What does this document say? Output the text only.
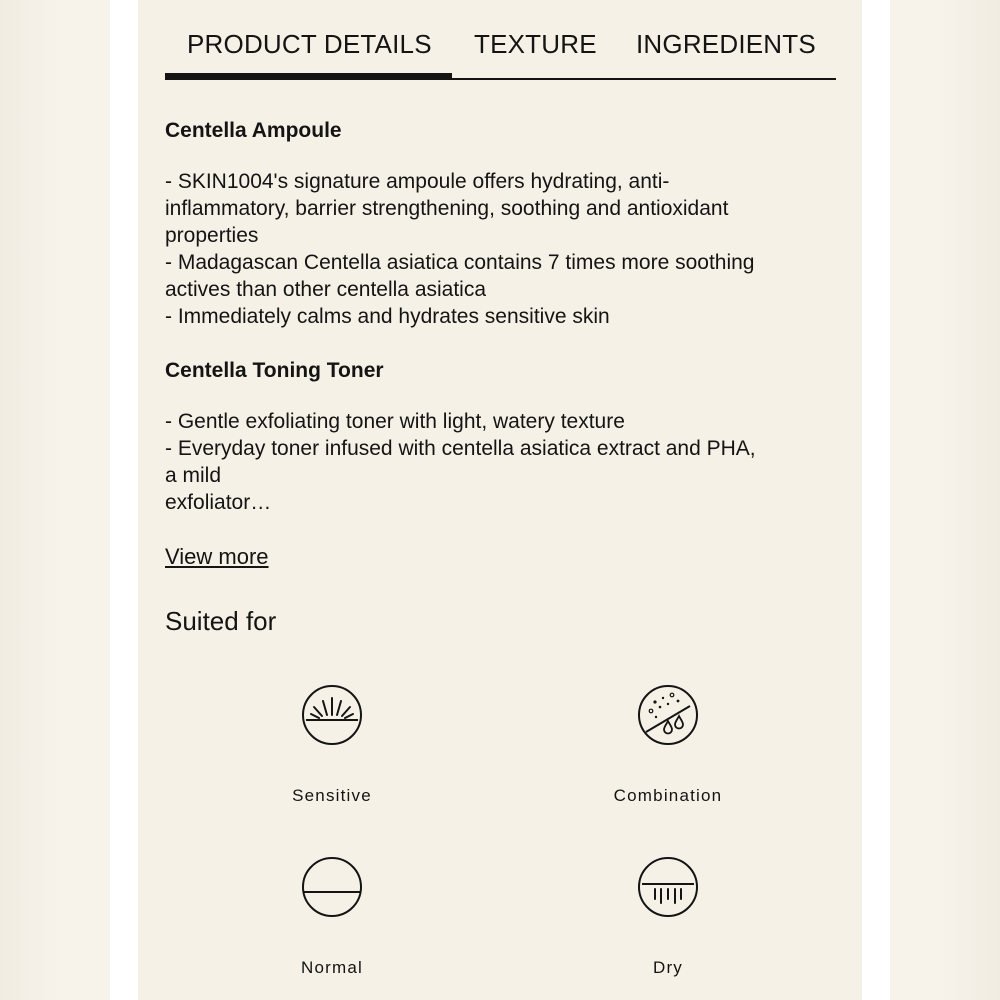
PRODUCT DETAILS TEXTURE INGREDIENTS
Centella Ampoule
- SKIN1004's signature ampoule offers hydrating, anti-
inflammatory, barrier strengthening, soothing and antioxidant
properties
- Madagascan Centella asiatica contains 7 times more soothing
actives than other centella asiatica
- Immediately calms and hydrates sensitive skin
Centella Toning Toner
- Gentle exfoliating toner with light, watery texture
- Everyday toner infused with centella asiatica extract and PHA,
a mild
exfoliator…
View more
Suited for
Sensitive	Combination
Normal	Dry
